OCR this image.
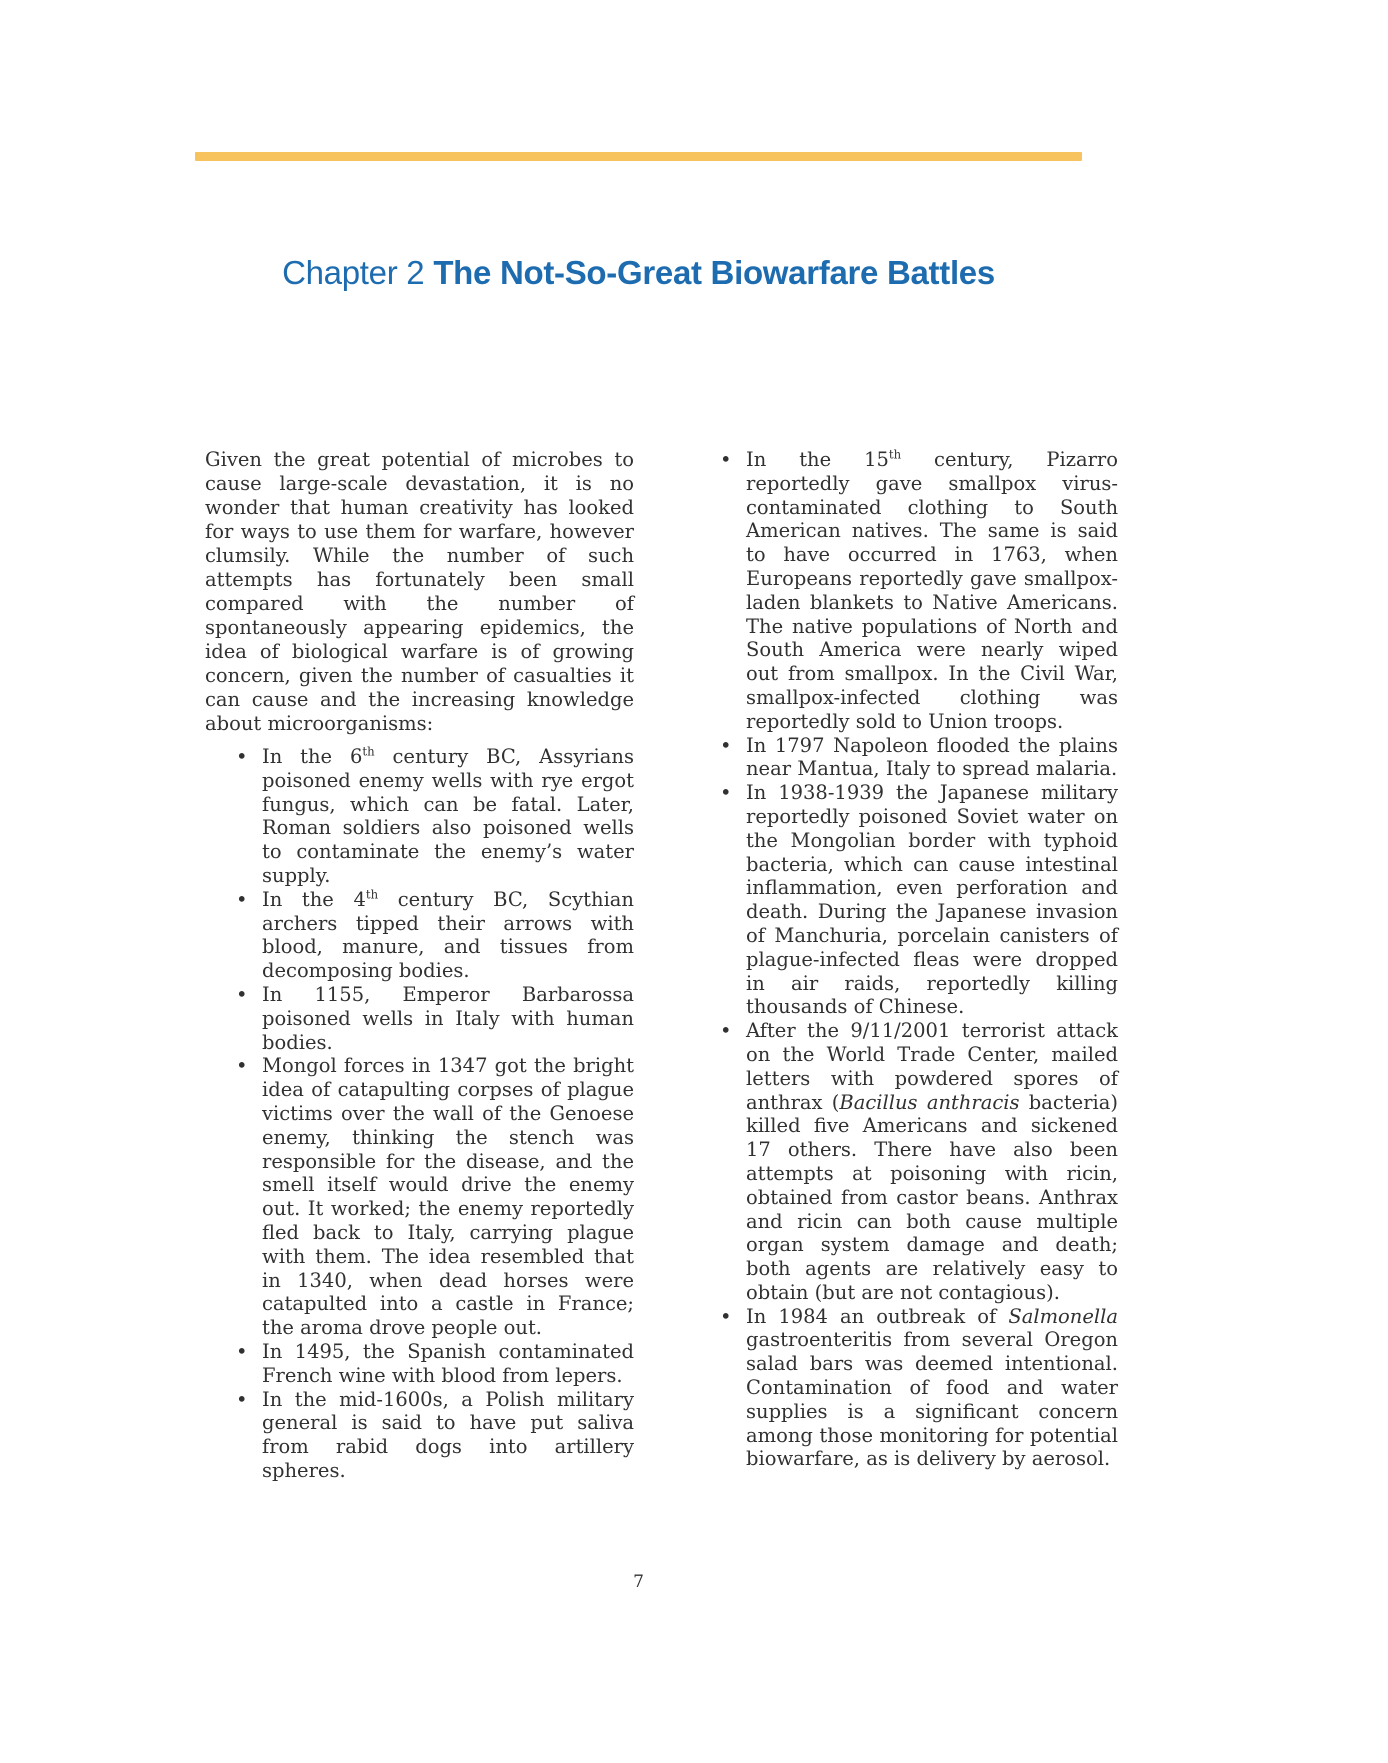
Chapter 2 The Not-So-Great Biowarfare Battles

Given the great potential of microbes to cause large-scale devastation, it is no wonder that human creativity has looked for ways to use them for warfare, however clumsily. While the number of such attempts has fortunately been small compared with the number of spontaneously appearing epidemics, the idea of biological warfare is of growing concern, given the number of casualties it can cause and the increasing knowledge about microorganisms:

• In the 6th century BC, Assyrians poisoned enemy wells with rye ergot fungus, which can be fatal. Later, Roman soldiers also poisoned wells to contaminate the enemy’s water supply.
• In the 4th century BC, Scythian archers tipped their arrows with blood, manure, and tissues from decomposing bodies.
• In 1155, Emperor Barbarossa poisoned wells in Italy with human bodies.
• Mongol forces in 1347 got the bright idea of catapulting corpses of plague victims over the wall of the Genoese enemy, thinking the stench was responsible for the disease, and the smell itself would drive the enemy out. It worked; the enemy reportedly fled back to Italy, carrying plague with them. The idea resembled that in 1340, when dead horses were catapulted into a castle in France; the aroma drove people out.
• In 1495, the Spanish contaminated French wine with blood from lepers.
• In the mid-1600s, a Polish military general is said to have put saliva from rabid dogs into artillery spheres.
• In the 15th century, Pizarro reportedly gave smallpox virus-contaminated clothing to South American natives. The same is said to have occurred in 1763, when Europeans reportedly gave smallpox-laden blankets to Native Americans. The native populations of North and South America were nearly wiped out from smallpox. In the Civil War, smallpox-infected clothing was reportedly sold to Union troops.
• In 1797 Napoleon flooded the plains near Mantua, Italy to spread malaria.
• In 1938-1939 the Japanese military reportedly poisoned Soviet water on the Mongolian border with typhoid bacteria, which can cause intestinal inflammation, even perforation and death. During the Japanese invasion of Manchuria, porcelain canisters of plague-infected fleas were dropped in air raids, reportedly killing thousands of Chinese.
• After the 9/11/2001 terrorist attack on the World Trade Center, mailed letters with powdered spores of anthrax (Bacillus anthracis bacteria) killed five Americans and sickened 17 others. There have also been attempts at poisoning with ricin, obtained from castor beans. Anthrax and ricin can both cause multiple organ system damage and death; both agents are relatively easy to obtain (but are not contagious).
• In 1984 an outbreak of Salmonella gastroenteritis from several Oregon salad bars was deemed intentional. Contamination of food and water supplies is a significant concern among those monitoring for potential biowarfare, as is delivery by aerosol.
7
